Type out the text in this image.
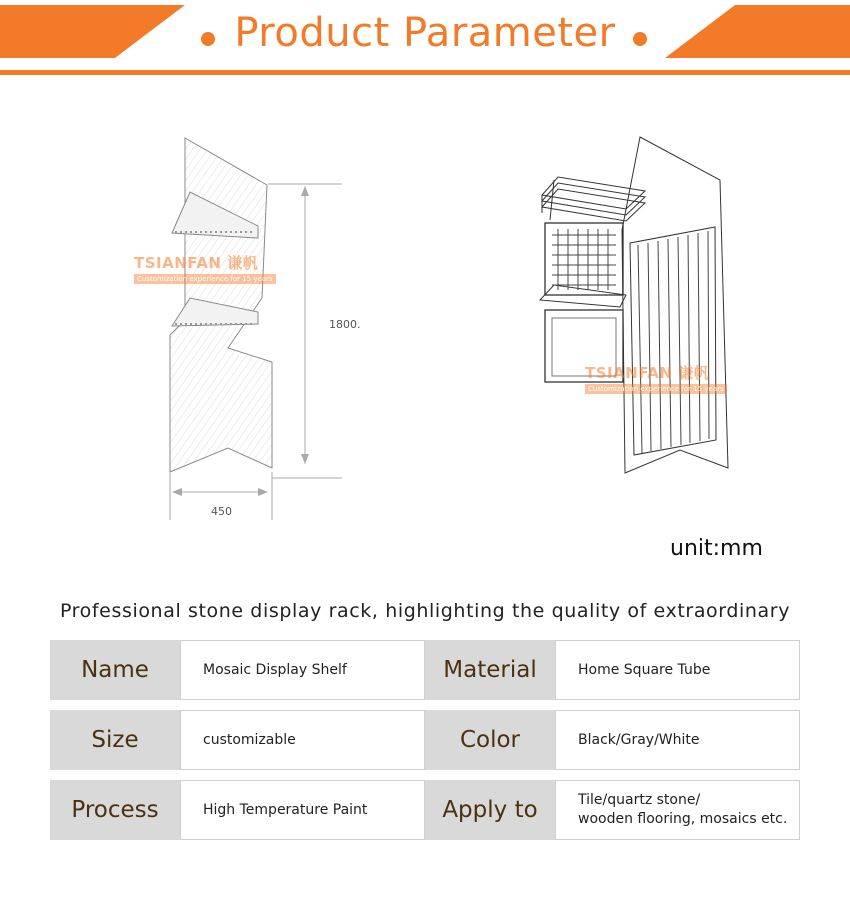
Product Parameter
1800.
450
TSIANFAN 谦帆
Customization experience for 15 years
TSIANFAN 谦帆
Customization experience for 15 years
unit:mm
Professional stone display rack, highlighting the quality of extraordinary
Name	Mosaic Display Shelf	Material	Home Square Tube
Size	customizable	Color	Black/Gray/White
Process	High Temperature Paint	Apply to	Tile/quartz stone/
wooden flooring, mosaics etc.
